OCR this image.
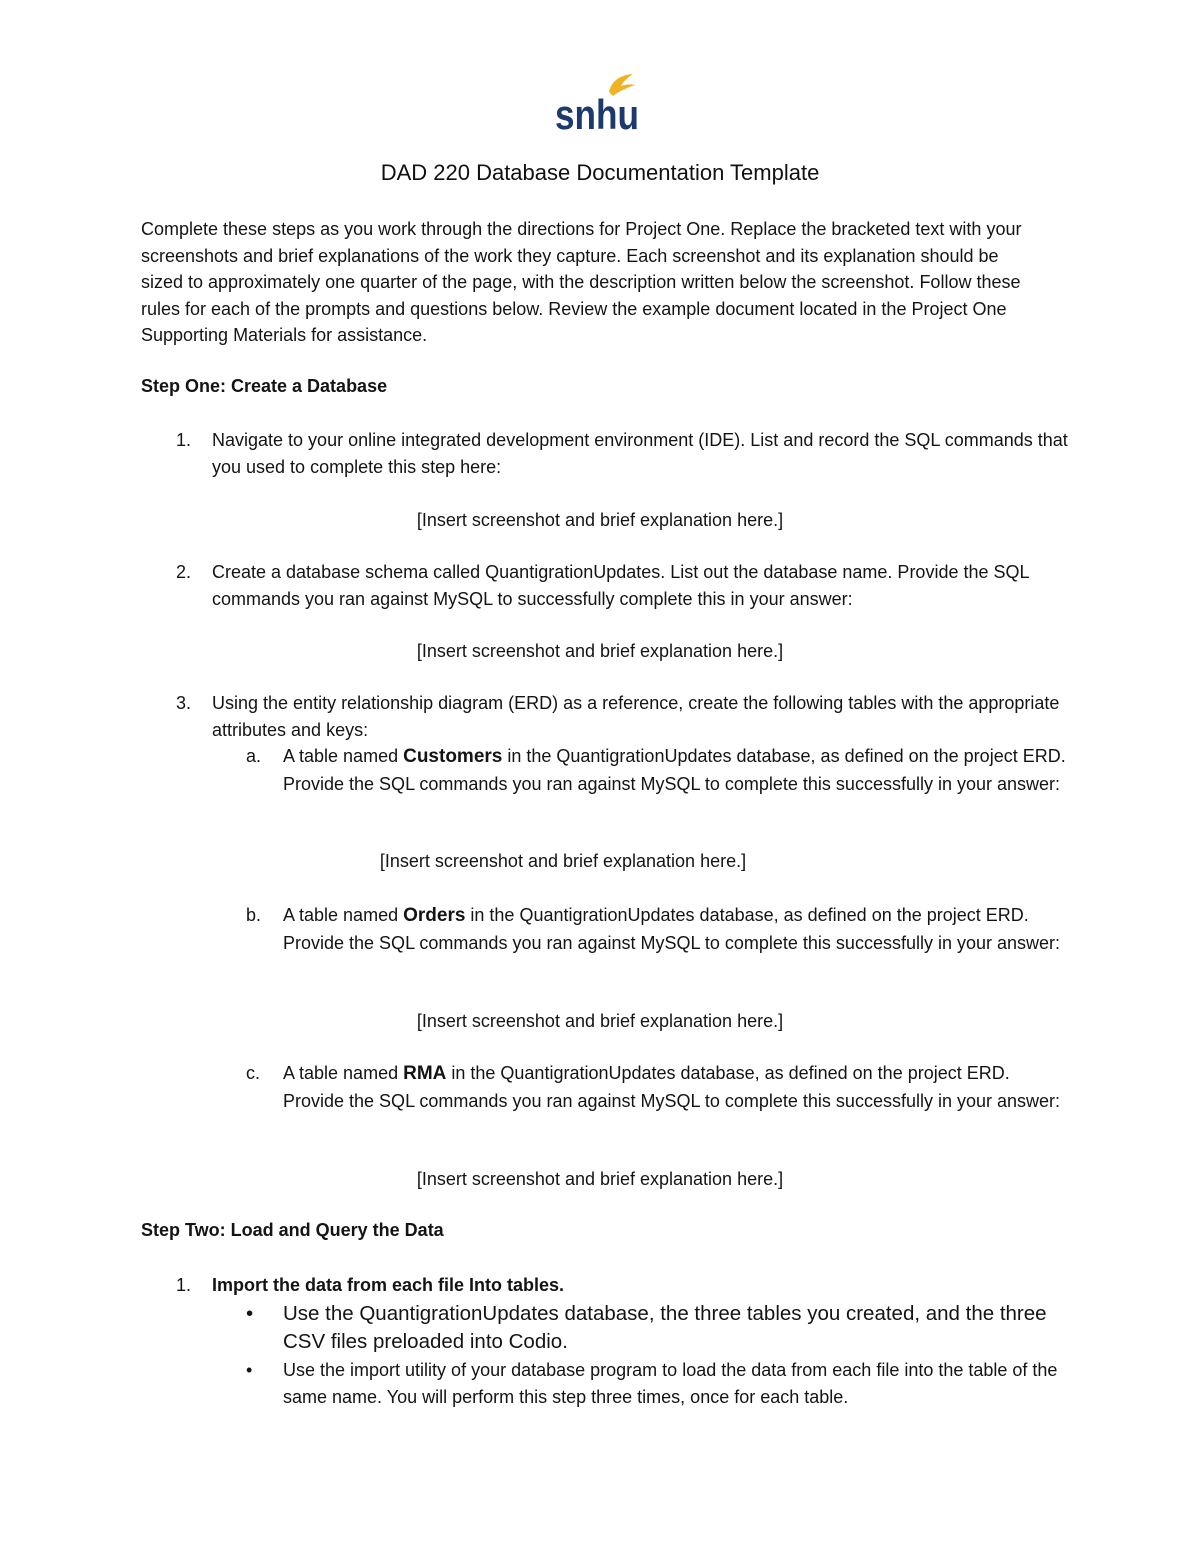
snhu
DAD 220 Database Documentation Template

Complete these steps as you work through the directions for Project One. Replace the bracketed text with your screenshots and brief explanations of the work they capture. Each screenshot and its explanation should be sized to approximately one quarter of the page, with the description written below the screenshot. Follow these rules for each of the prompts and questions below. Review the example document located in the Project One Supporting Materials for assistance.

Step One: Create a Database

1.	Navigate to your online integrated development environment (IDE). List and record the SQL commands that you used to complete this step here:
[Insert screenshot and brief explanation here.]
2.	Create a database schema called QuantigrationUpdates. List out the database name. Provide the SQL commands you ran against MySQL to successfully complete this in your answer:
[Insert screenshot and brief explanation here.]
3.	Using the entity relationship diagram (ERD) as a reference, create the following tables with the appropriate attributes and keys:
a. A table named Customers in the QuantigrationUpdates database, as defined on the project ERD. Provide the SQL commands you ran against MySQL to complete this successfully in your answer:
[Insert screenshot and brief explanation here.]
b. A table named Orders in the QuantigrationUpdates database, as defined on the project ERD. Provide the SQL commands you ran against MySQL to complete this successfully in your answer:
[Insert screenshot and brief explanation here.]
c. A table named RMA in the QuantigrationUpdates database, as defined on the project ERD. Provide the SQL commands you ran against MySQL to complete this successfully in your answer:
[Insert screenshot and brief explanation here.]

Step Two: Load and Query the Data

1.	Import the data from each file Into tables.
• Use the QuantigrationUpdates database, the three tables you created, and the three CSV files preloaded into Codio.
• Use the import utility of your database program to load the data from each file into the table of the same name. You will perform this step three times, once for each table.
